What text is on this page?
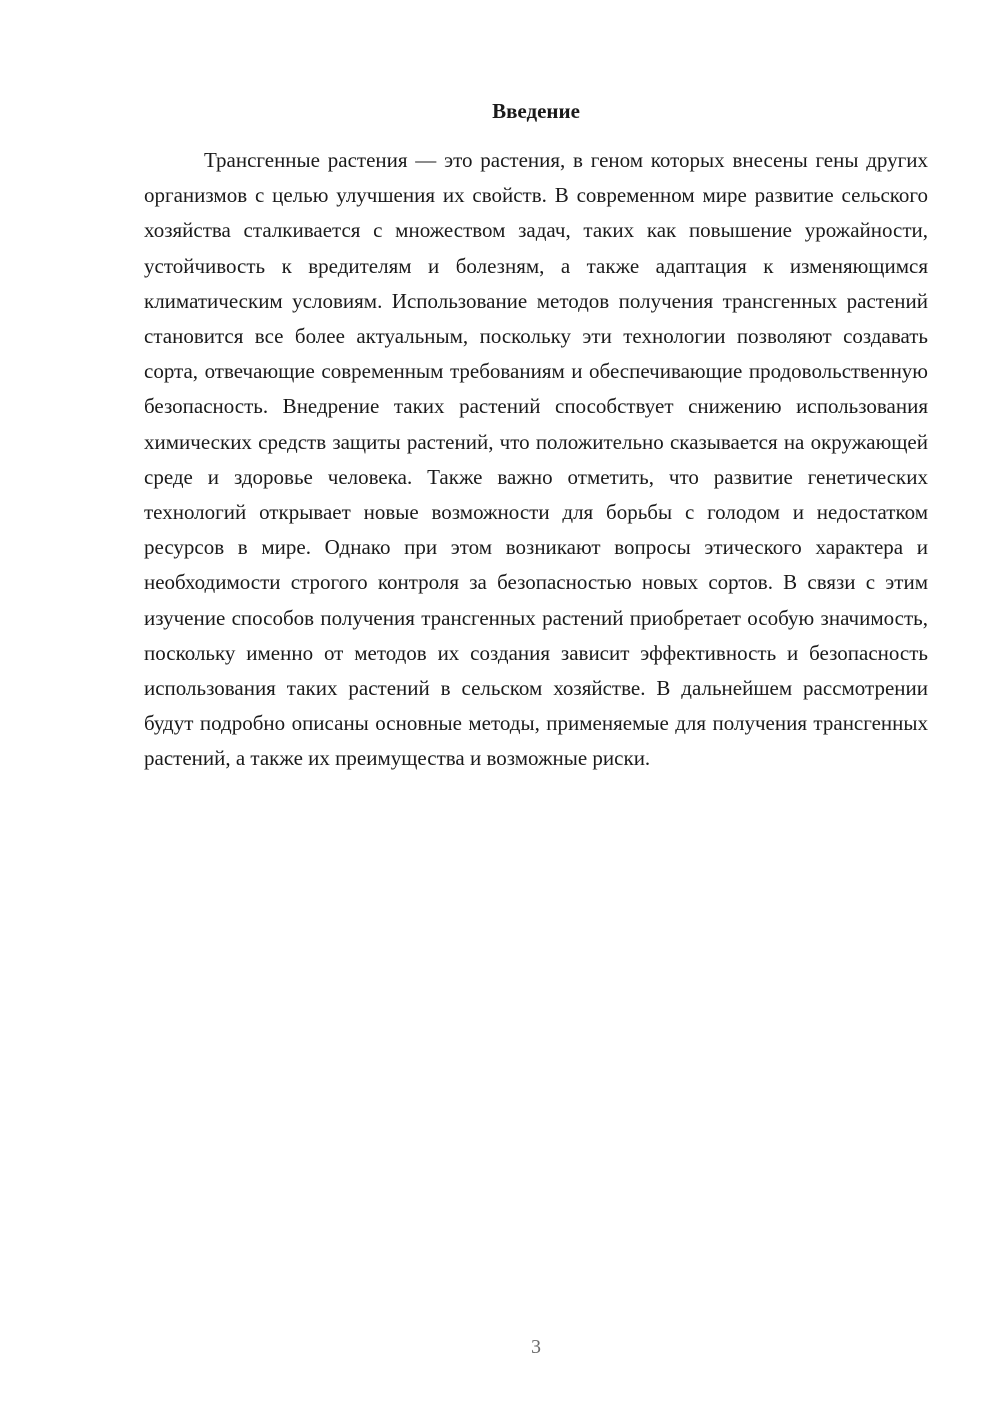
Введение

Трансгенные растения — это растения, в геном которых внесены гены других организмов с целью улучшения их свойств. В современном мире развитие сельского хозяйства сталкивается с множеством задач, таких как повышение урожайности, устойчивость к вредителям и болезням, а также адаптация к изменяющимся климатическим условиям. Использование методов получения трансгенных растений становится все более актуальным, поскольку эти технологии позволяют создавать сорта, отвечающие современным требованиям и обеспечивающие продовольственную безопасность. Внедрение таких растений способствует снижению использования химических средств защиты растений, что положительно сказывается на окружающей среде и здоровье человека. Также важно отметить, что развитие генетических технологий открывает новые возможности для борьбы с голодом и недостатком ресурсов в мире. Однако при этом возникают вопросы этического характера и необходимости строгого контроля за безопасностью новых сортов. В связи с этим изучение способов получения трансгенных растений приобретает особую значимость, поскольку именно от методов их создания зависит эффективность и безопасность использования таких растений в сельском хозяйстве. В дальнейшем рассмотрении будут подробно описаны основные методы, применяемые для получения трансгенных растений, а также их преимущества и возможные риски.

3
